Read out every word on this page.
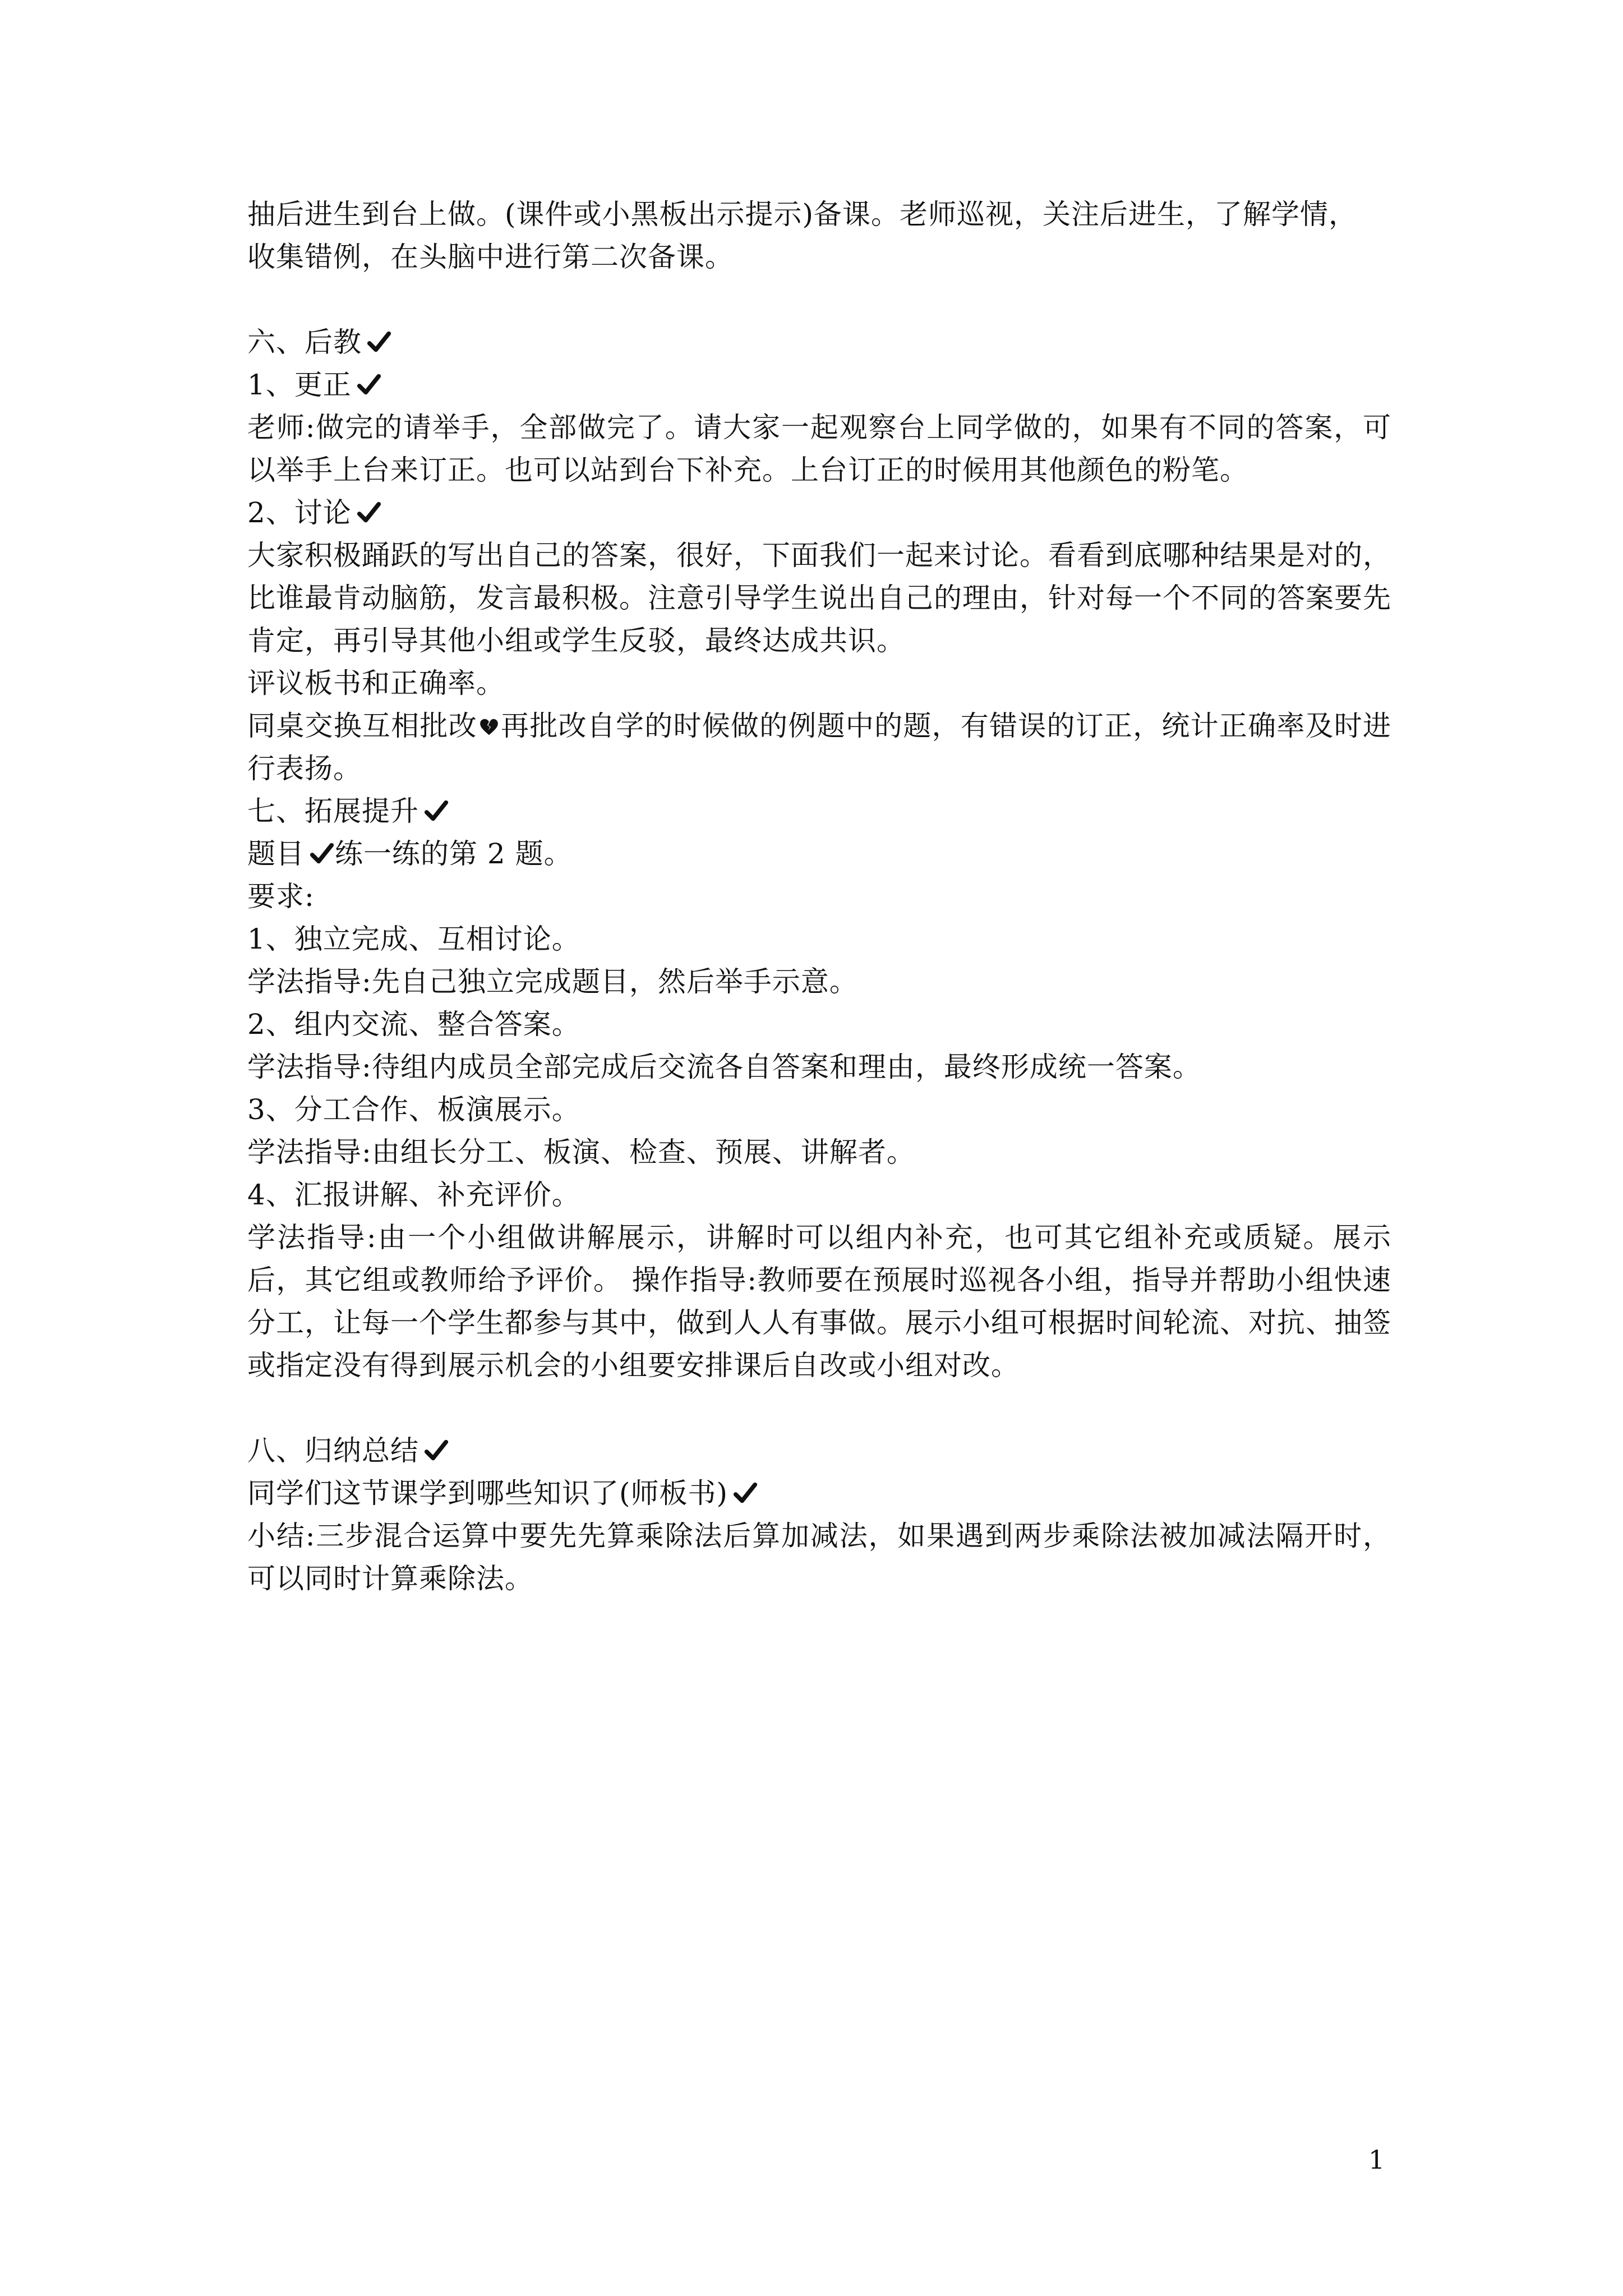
抽后进生到台上做。(课件或小黑板出示提示)备课。老师巡视，关注后进生，了解学情，

收集错例，在头脑中进行第二次备课。

六、后教

1、更正

老师:做完的请举手，全部做完了。请大家一起观察台上同学做的，如果有不同的答案，可以举手上台来订正。也可以站到台下补充。上台订正的时候用其他颜色的粉笔。

2、讨论

大家积极踊跃的写出自己的答案，很好，下面我们一起来讨论。看看到底哪种结果是对的，比谁最肯动脑筋，发言最积极。注意引导学生说出自己的理由，针对每一个不同的答案要先肯定，再引导其他小组或学生反驳，最终达成共识。

评议板书和正确率。

同桌交换互相批改 再批改自学的时候做的例题中的题，有错误的订正，统计正确率及时进行表扬。

七、拓展提升

题目 练一练的第 2 题。

要求:

1、独立完成、互相讨论。

学法指导:先自己独立完成题目，然后举手示意。

2、组内交流、整合答案。

学法指导:待组内成员全部完成后交流各自答案和理由，最终形成统一答案。

3、分工合作、板演展示。

学法指导:由组长分工、板演、检查、预展、讲解者。

4、汇报讲解、补充评价。

学法指导:由一个小组做讲解展示，讲解时可以组内补充，也可其它组补充或质疑。展示后，其它组或教师给予评价。 操作指导:教师要在预展时巡视各小组，指导并帮助小组快速分工，让每一个学生都参与其中，做到人人有事做。展示小组可根据时间轮流、对抗、抽签或指定没有得到展示机会的小组要安排课后自改或小组对改。

八、归纳总结

同学们这节课学到哪些知识了(师板书)

小结:三步混合运算中要先先算乘除法后算加减法，如果遇到两步乘除法被加减法隔开时，可以同时计算乘除法。

1
